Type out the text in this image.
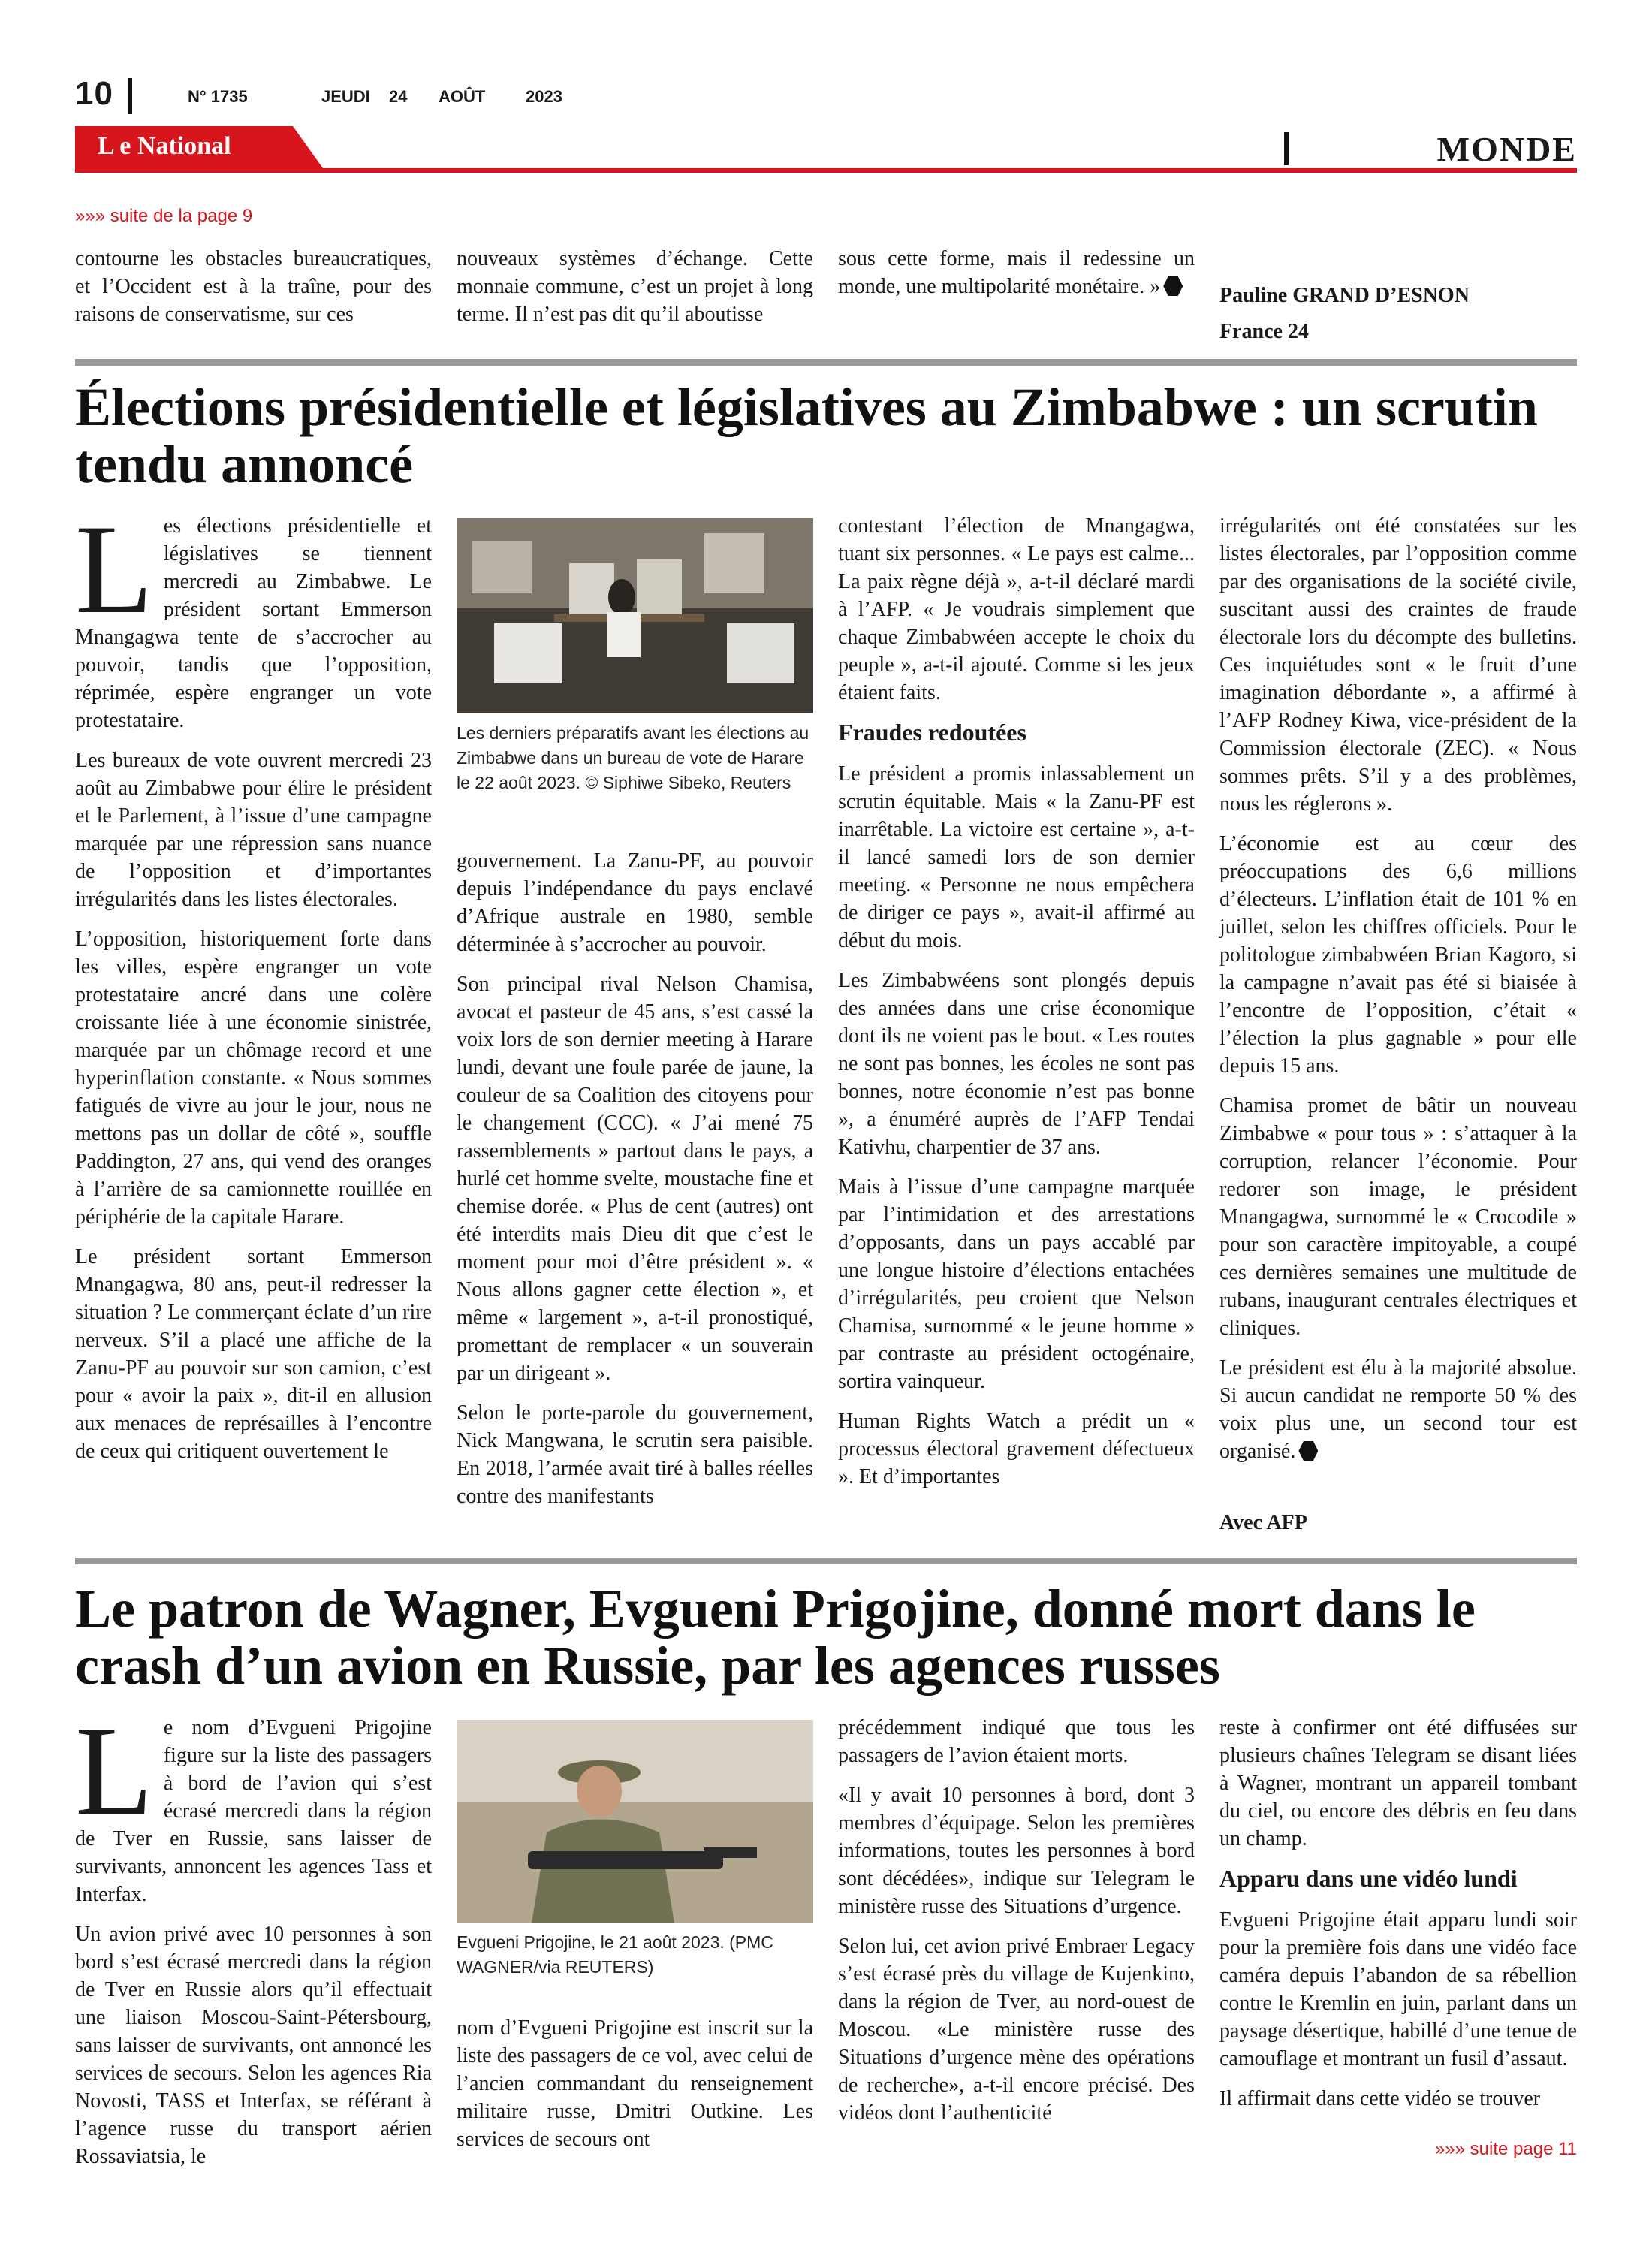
10	N° 1735	JEUDI 24 AOÛT 2023
L e National	MONDE
»»» suite de la page 9

contourne les obstacles bureaucratiques, et l’Occident est à la traîne, pour des raisons de conservatisme, sur ces

nouveaux systèmes d’échange. Cette monnaie commune, c’est un projet à long terme. Il n’est pas dit qu’il aboutisse

sous cette forme, mais il redessine un monde, une multipolarité monétaire. »	Pauline GRAND D’ESNON
France 24
Élections présidentielle et législatives au Zimbabwe : un scrutin tendu annoncé

Les élections présidentielle et législatives se tiennent mercredi au Zimbabwe. Le président sortant Emmerson Mnangagwa tente de s’accrocher au pouvoir, tandis que l’opposition, réprimée, espère engranger un vote protestataire.

Les bureaux de vote ouvrent mercredi 23 août au Zimbabwe pour élire le président et le Parlement, à l’issue d’une campagne marquée par une répression sans nuance de l’opposition et d’importantes irrégularités dans les listes électorales.

L’opposition, historiquement forte dans les villes, espère engranger un vote protestataire ancré dans une colère croissante liée à une économie sinistrée, marquée par un chômage record et une hyperinflation constante. « Nous sommes fatigués de vivre au jour le jour, nous ne mettons pas un dollar de côté », souffle Paddington, 27 ans, qui vend des oranges à l’arrière de sa camionnette rouillée en périphérie de la capitale Harare.

Le président sortant Emmerson Mnangagwa, 80 ans, peut-il redresser la situation ? Le commerçant éclate d’un rire nerveux. S’il a placé une affiche de la Zanu-PF au pouvoir sur son camion, c’est pour « avoir la paix », dit-il en allusion aux menaces de représailles à l’encontre de ceux qui critiquent ouvertement le

Les derniers préparatifs avant les élections au Zimbabwe dans un bureau de vote de Harare le 22 août 2023. © Siphiwe Sibeko, Reuters

gouvernement. La Zanu-PF, au pouvoir depuis l’indépendance du pays enclavé d’Afrique australe en 1980, semble déterminée à s’accrocher au pouvoir.

Son principal rival Nelson Chamisa, avocat et pasteur de 45 ans, s’est cassé la voix lors de son dernier meeting à Harare lundi, devant une foule parée de jaune, la couleur de sa Coalition des citoyens pour le changement (CCC). « J’ai mené 75 rassemblements » partout dans le pays, a hurlé cet homme svelte, moustache fine et chemise dorée. « Plus de cent (autres) ont été interdits mais Dieu dit que c’est le moment pour moi d’être président ». « Nous allons gagner cette élection », et même « largement », a-t-il pronostiqué, promettant de remplacer « un souverain par un dirigeant ».

Selon le porte-parole du gouvernement, Nick Mangwana, le scrutin sera paisible. En 2018, l’armée avait tiré à balles réelles contre des manifestants

contestant l’élection de Mnangagwa, tuant six personnes. « Le pays est calme... La paix règne déjà », a-t-il déclaré mardi à l’AFP. « Je voudrais simplement que chaque Zimbabwéen accepte le choix du peuple », a-t-il ajouté. Comme si les jeux étaient faits.

Fraudes redoutées

Le président a promis inlassablement un scrutin équitable. Mais « la Zanu-PF est inarrêtable. La victoire est certaine », a-t-il lancé samedi lors de son dernier meeting. « Personne ne nous empêchera de diriger ce pays », avait-il affirmé au début du mois.

Les Zimbabwéens sont plongés depuis des années dans une crise économique dont ils ne voient pas le bout. « Les routes ne sont pas bonnes, les écoles ne sont pas bonnes, notre économie n’est pas bonne », a énuméré auprès de l’AFP Tendai Kativhu, charpentier de 37 ans.

Mais à l’issue d’une campagne marquée par l’intimidation et des arrestations d’opposants, dans un pays accablé par une longue histoire d’élections entachées d’irrégularités, peu croient que Nelson Chamisa, surnommé « le jeune homme » par contraste au président octogénaire, sortira vainqueur.

Human Rights Watch a prédit un « processus électoral gravement défectueux ». Et d’importantes

irrégularités ont été constatées sur les listes électorales, par l’opposition comme par des organisations de la société civile, suscitant aussi des craintes de fraude électorale lors du décompte des bulletins. Ces inquiétudes sont « le fruit d’une imagination débordante », a affirmé à l’AFP Rodney Kiwa, vice-président de la Commission électorale (ZEC). « Nous sommes prêts. S’il y a des problèmes, nous les réglerons ».

L’économie est au cœur des préoccupations des 6,6 millions d’électeurs. L’inflation était de 101 % en juillet, selon les chiffres officiels. Pour le politologue zimbabwéen Brian Kagoro, si la campagne n’avait pas été si biaisée à l’encontre de l’opposition, c’était « l’élection la plus gagnable » pour elle depuis 15 ans.

Chamisa promet de bâtir un nouveau Zimbabwe « pour tous » : s’attaquer à la corruption, relancer l’économie. Pour redorer son image, le président Mnangagwa, surnommé le « Crocodile » pour son caractère impitoyable, a coupé ces dernières semaines une multitude de rubans, inaugurant centrales électriques et cliniques.

Le président est élu à la majorité absolue. Si aucun candidat ne remporte 50 % des voix plus une, un second tour est organisé.

Avec AFP
Le patron de Wagner, Evgueni Prigojine, donné mort dans le crash d’un avion en Russie, par les agences russes

Le nom d’Evgueni Prigojine figure sur la liste des passagers à bord de l’avion qui s’est écrasé mercredi dans la région de Tver en Russie, sans laisser de survivants, annoncent les agences Tass et Interfax.

Un avion privé avec 10 personnes à son bord s’est écrasé mercredi dans la région de Tver en Russie alors qu’il effectuait une liaison Moscou-Saint-Pétersbourg, sans laisser de survivants, ont annoncé les services de secours. Selon les agences Ria Novosti, TASS et Interfax, se référant à l’agence russe du transport aérien Rossaviatsia, le

Evgueni Prigojine, le 21 août 2023. (PMC WAGNER/via REUTERS)

nom d’Evgueni Prigojine est inscrit sur la liste des passagers de ce vol, avec celui de l’ancien commandant du renseignement militaire russe, Dmitri Outkine. Les services de secours ont

précédemment indiqué que tous les passagers de l’avion étaient morts.

«Il y avait 10 personnes à bord, dont 3 membres d’équipage. Selon les premières informations, toutes les personnes à bord sont décédées», indique sur Telegram le ministère russe des Situations d’urgence.

Selon lui, cet avion privé Embraer Legacy s’est écrasé près du village de Kujenkino, dans la région de Tver, au nord-ouest de Moscou. «Le ministère russe des Situations d’urgence mène des opérations de recherche», a-t-il encore précisé. Des vidéos dont l’authenticité

reste à confirmer ont été diffusées sur plusieurs chaînes Telegram se disant liées à Wagner, montrant un appareil tombant du ciel, ou encore des débris en feu dans un champ.

Apparu dans une vidéo lundi

Evgueni Prigojine était apparu lundi soir pour la première fois dans une vidéo face caméra depuis l’abandon de sa rébellion contre le Kremlin en juin, parlant dans un paysage désertique, habillé d’une tenue de camouflage et montrant un fusil d’assaut.

Il affirmait dans cette vidéo se trouver

»»» suite page 11
